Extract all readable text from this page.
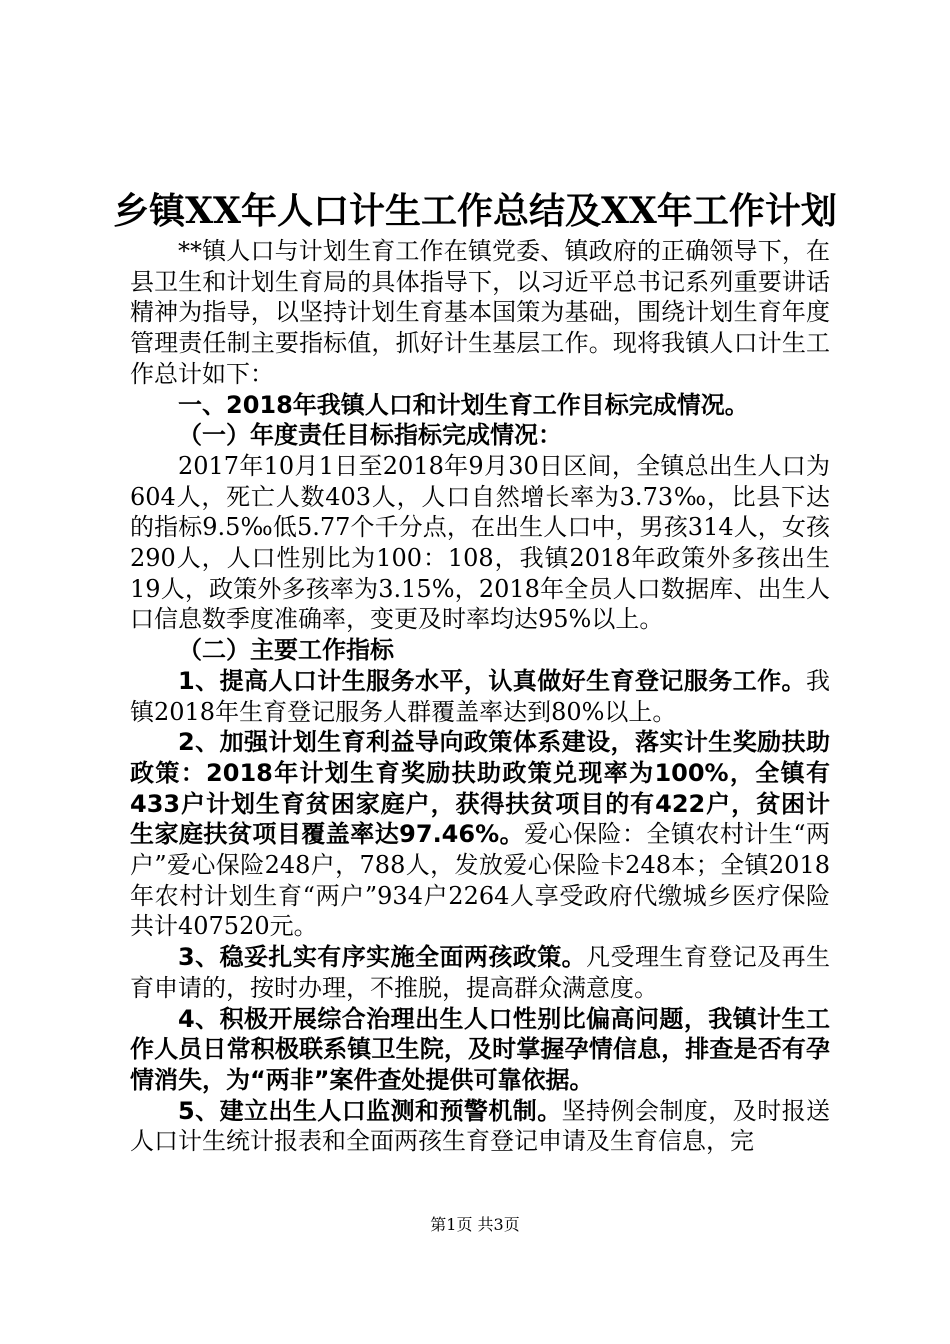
乡镇XX年人口计生工作总结及XX年工作计划

**镇人口与计划生育工作在镇党委、镇政府的正确领导下，在县卫生和计划生育局的具体指导下，以习近平总书记系列重要讲话精神为指导，以坚持计划生育基本国策为基础，围绕计划生育年度管理责任制主要指标值，抓好计生基层工作。现将我镇人口计生工作总计如下：

一、2018年我镇人口和计划生育工作目标完成情况。

（一）年度责任目标指标完成情况：

2017年10月1日至2018年9月30日区间，全镇总出生人口为604人，死亡人数403人，人口自然增长率为3.73‰，比县下达的指标9.5‰低5.77个千分点，在出生人口中，男孩314人，女孩290人，人口性别比为100：108，我镇2018年政策外多孩出生19人，政策外多孩率为3.15%，2018年全员人口数据库、出生人口信息数季度准确率，变更及时率均达95%以上。

（二）主要工作指标

1、提高人口计生服务水平，认真做好生育登记服务工作。我镇2018年生育登记服务人群覆盖率达到80%以上。

2、加强计划生育利益导向政策体系建设，落实计生奖励扶助政策：2018年计划生育奖励扶助政策兑现率为100%，全镇有433户计划生育贫困家庭户，获得扶贫项目的有422户，贫困计生家庭扶贫项目覆盖率达97.46%。爱心保险：全镇农村计生“两户”爱心保险248户，788人，发放爱心保险卡248本；全镇2018年农村计划生育“两户”934户2264人享受政府代缴城乡医疗保险共计407520元。

3、稳妥扎实有序实施全面两孩政策。凡受理生育登记及再生育申请的，按时办理，不推脱，提高群众满意度。

4、积极开展综合治理出生人口性别比偏高问题，我镇计生工作人员日常积极联系镇卫生院，及时掌握孕情信息，排查是否有孕情消失，为“两非”案件查处提供可靠依据。

5、建立出生人口监测和预警机制。坚持例会制度，及时报送人口计生统计报表和全面两孩生育登记申请及生育信息，完

第1页 共3页
